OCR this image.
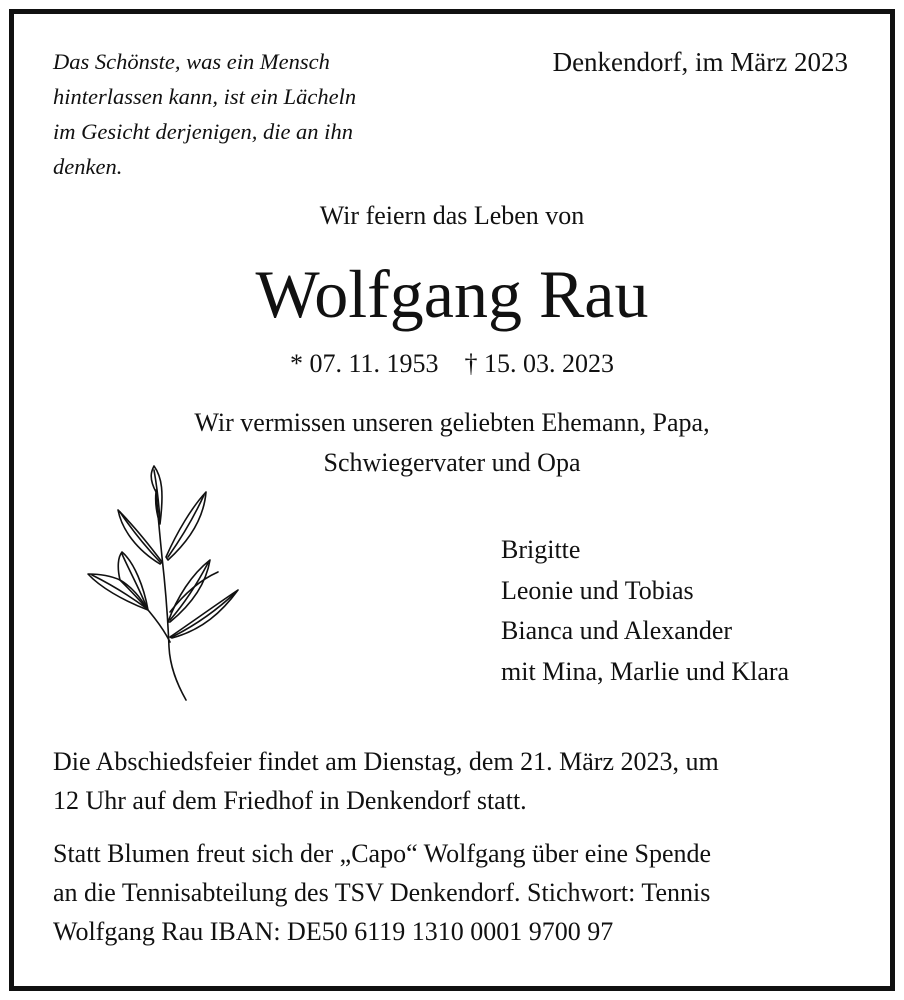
Das Schönste, was ein Mensch
hinterlassen kann, ist ein Lächeln
im Gesicht derjenigen, die an ihn
denken.
Denkendorf, im März 2023
Wir feiern das Leben von
Wolfgang Rau
* 07. 11. 1953 † 15. 03. 2023
Wir vermissen unseren geliebten Ehemann, Papa,
Schwiegervater und Opa
Brigitte
Leonie und Tobias
Bianca und Alexander
mit Mina, Marlie und Klara
Die Abschiedsfeier findet am Dienstag, dem 21. März 2023, um
12 Uhr auf dem Friedhof in Denkendorf statt.
Statt Blumen freut sich der „Capo“ Wolfgang über eine Spende
an die Tennisabteilung des TSV Denkendorf. Stichwort: Tennis
Wolfgang Rau IBAN: DE50 6119 1310 0001 9700 97
